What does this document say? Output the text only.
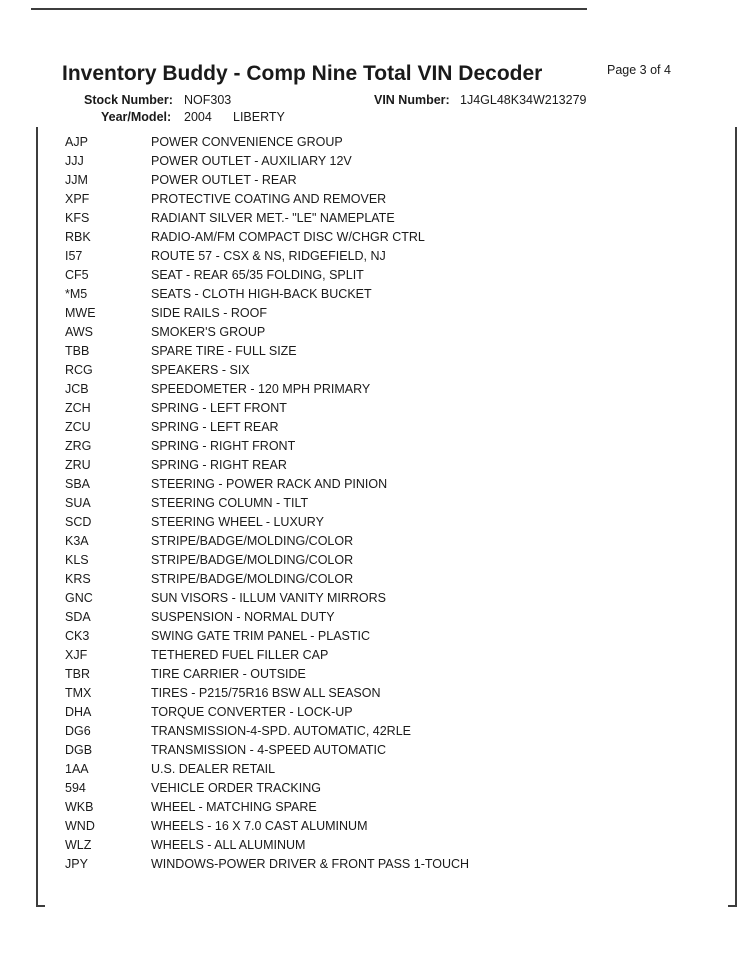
Inventory Buddy - Comp Nine Total VIN Decoder	Page 3 of 4
Stock Number: NOF303	VIN Number: 1J4GL48K34W213279
Year/Model: 2004 LIBERTY
AJP	POWER CONVENIENCE GROUP
JJJ	POWER OUTLET - AUXILIARY 12V
JJM	POWER OUTLET - REAR
XPF	PROTECTIVE COATING AND REMOVER
KFS	RADIANT SILVER MET.- "LE" NAMEPLATE
RBK	RADIO-AM/FM COMPACT DISC W/CHGR CTRL
I57	ROUTE 57 - CSX & NS, RIDGEFIELD, NJ
CF5	SEAT - REAR 65/35 FOLDING, SPLIT
*M5	SEATS - CLOTH HIGH-BACK BUCKET
MWE	SIDE RAILS - ROOF
AWS	SMOKER'S GROUP
TBB	SPARE TIRE - FULL SIZE
RCG	SPEAKERS - SIX
JCB	SPEEDOMETER - 120 MPH PRIMARY
ZCH	SPRING - LEFT FRONT
ZCU	SPRING - LEFT REAR
ZRG	SPRING - RIGHT FRONT
ZRU	SPRING - RIGHT REAR
SBA	STEERING - POWER RACK AND PINION
SUA	STEERING COLUMN - TILT
SCD	STEERING WHEEL - LUXURY
K3A	STRIPE/BADGE/MOLDING/COLOR
KLS	STRIPE/BADGE/MOLDING/COLOR
KRS	STRIPE/BADGE/MOLDING/COLOR
GNC	SUN VISORS - ILLUM VANITY MIRRORS
SDA	SUSPENSION - NORMAL DUTY
CK3	SWING GATE TRIM PANEL - PLASTIC
XJF	TETHERED FUEL FILLER CAP
TBR	TIRE CARRIER - OUTSIDE
TMX	TIRES - P215/75R16 BSW ALL SEASON
DHA	TORQUE CONVERTER - LOCK-UP
DG6	TRANSMISSION-4-SPD. AUTOMATIC, 42RLE
DGB	TRANSMISSION - 4-SPEED AUTOMATIC
1AA	U.S. DEALER RETAIL
594	VEHICLE ORDER TRACKING
WKB	WHEEL - MATCHING SPARE
WND	WHEELS - 16 X 7.0 CAST ALUMINUM
WLZ	WHEELS - ALL ALUMINUM
JPY	WINDOWS-POWER DRIVER & FRONT PASS 1-TOUCH
